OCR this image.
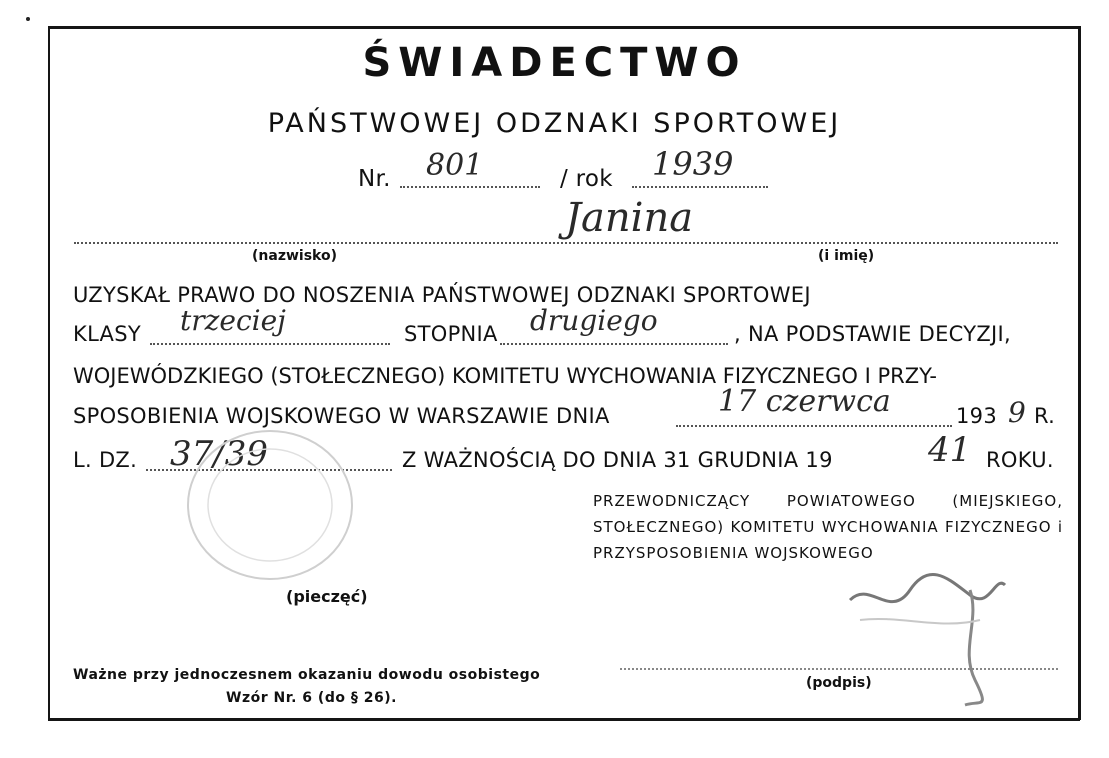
ŚWIADECTWO
PAŃSTWOWEJ ODZNAKI SPORTOWEJ
Nr. 801	/ rok 1939
Janina
(nazwisko)	(i imię)
UZYSKAŁ PRAWO DO NOSZENIA PAŃSTWOWEJ ODZNAKI SPORTOWEJ
KLASY trzeciej	STOPNIA drugiego	, NA PODSTAWIE DECYZJI,
WOJEWÓDZKIEGO (STOŁECZNEGO) KOMITETU WYCHOWANIA FIZYCZNEGO I PRZY-
SPOSOBIENIA WOJSKOWEGO W WARSZAWIE DNIA	17 czerwca	193 9 R.
L. DZ. 37/39	Z WAŻNOŚCIĄ DO DNIA 31 GRUDNIA 19	41 ROKU.
PRZEWODNICZĄCY POWIATOWEGO (MIEJSKIEGO, STOŁECZNEGO) KOMITETU WYCHOWANIA FIZYCZNEGO i PRZYSPOSOBIENIA WOJSKOWEGO
(pieczęć)
(podpis)
Ważne przy jednoczesnem okazaniu dowodu osobistego
Wzór Nr. 6 (do § 26).
